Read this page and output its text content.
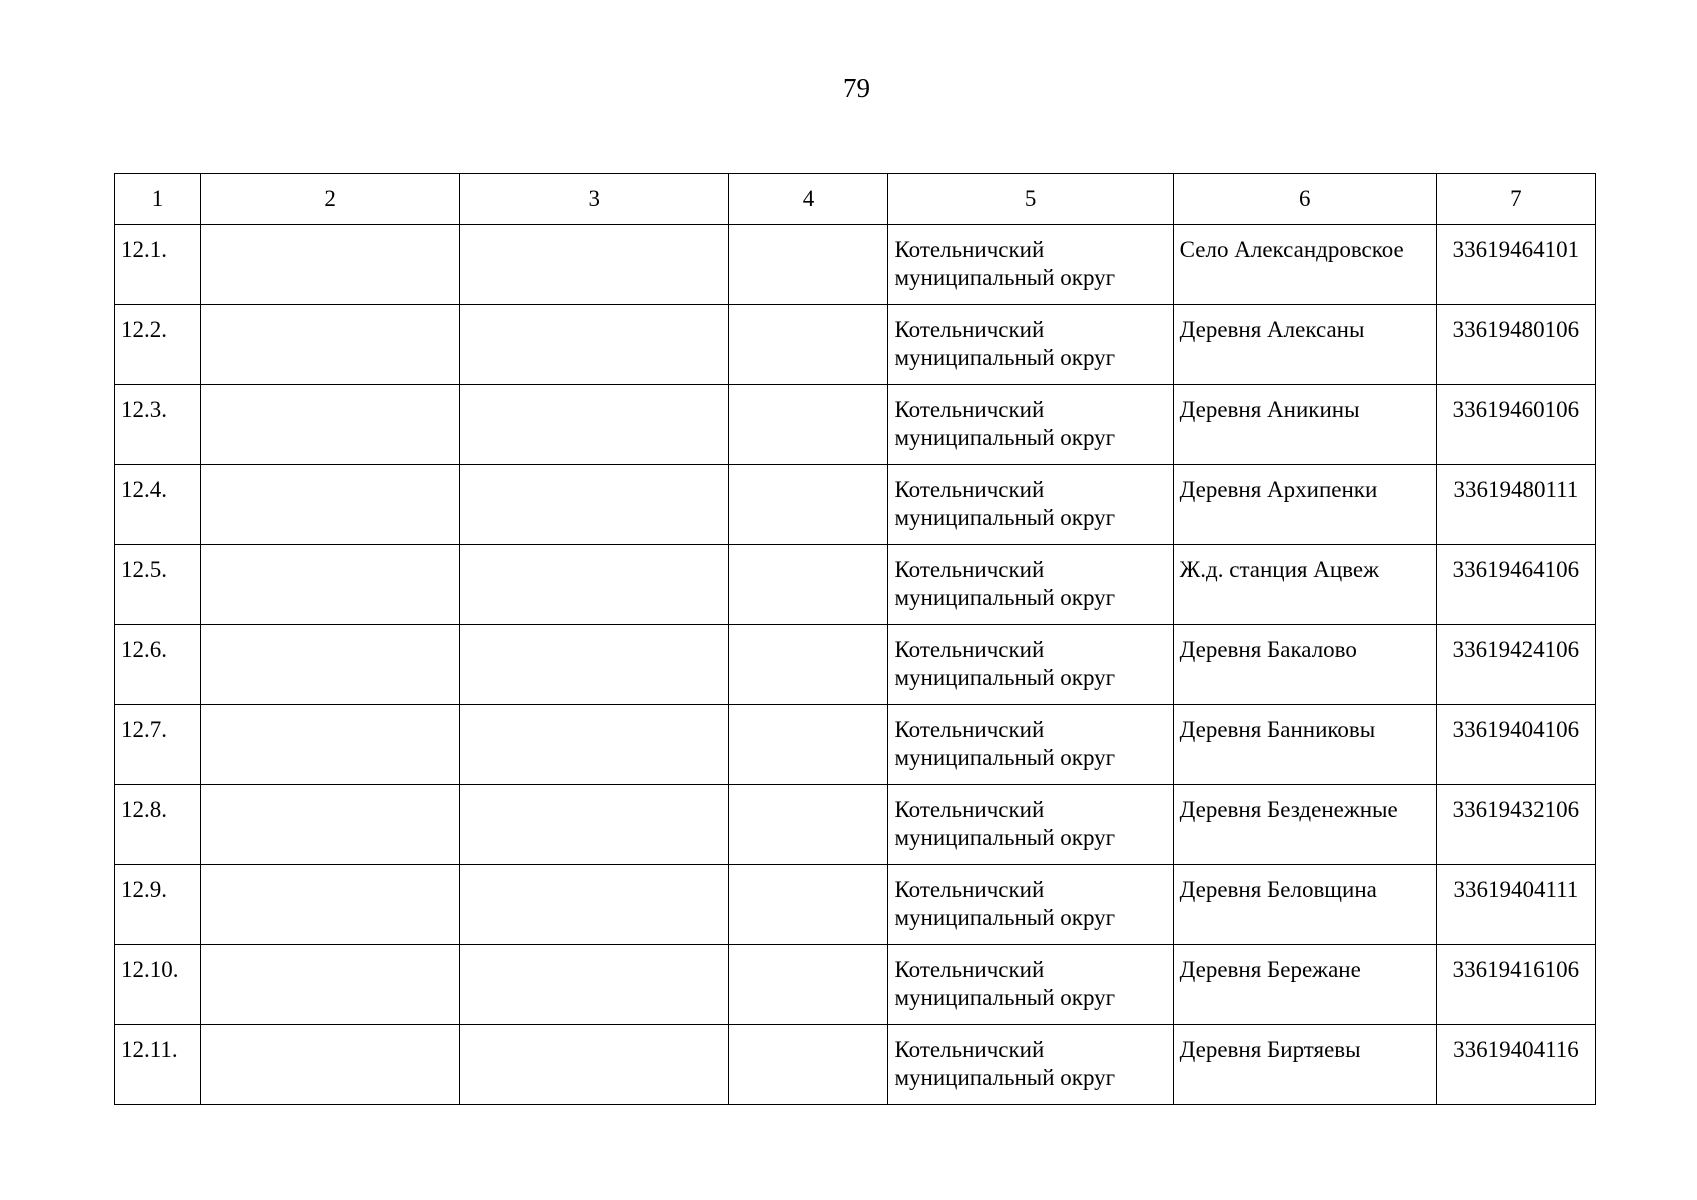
79
1	2	3	4	5	6	7
12.1.				Котельничский муниципальный округ	Село Александровское	33619464101
12.2.				Котельничский муниципальный округ	Деревня Алексаны	33619480106
12.3.				Котельничский муниципальный округ	Деревня Аникины	33619460106
12.4.				Котельничский муниципальный округ	Деревня Архипенки	33619480111
12.5.				Котельничский муниципальный округ	Ж.д. станция Ацвеж	33619464106
12.6.				Котельничский муниципальный округ	Деревня Бакалово	33619424106
12.7.				Котельничский муниципальный округ	Деревня Банниковы	33619404106
12.8.				Котельничский муниципальный округ	Деревня Безденежные	33619432106
12.9.				Котельничский муниципальный округ	Деревня Беловщина	33619404111
12.10.				Котельничский муниципальный округ	Деревня Бережане	33619416106
12.11.				Котельничский муниципальный округ	Деревня Биртяевы	33619404116
